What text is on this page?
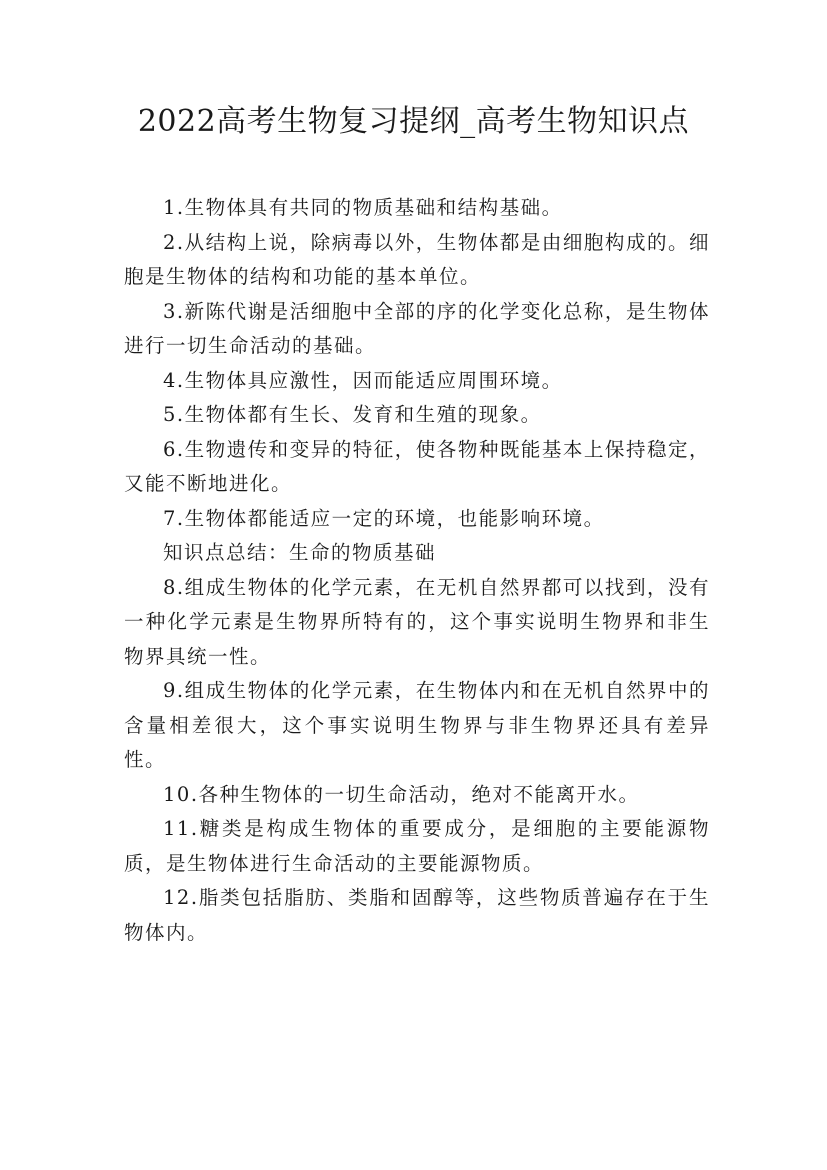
2022高考生物复习提纲_高考生物知识点

1.生物体具有共同的物质基础和结构基础。

2.从结构上说，除病毒以外，生物体都是由细胞构成的。细胞是生物体的结构和功能的基本单位。

3.新陈代谢是活细胞中全部的序的化学变化总称，是生物体进行一切生命活动的基础。

4.生物体具应激性，因而能适应周围环境。

5.生物体都有生长、发育和生殖的现象。

6.生物遗传和变异的特征，使各物种既能基本上保持稳定，又能不断地进化。

7.生物体都能适应一定的环境，也能影响环境。

知识点总结：生命的物质基础

8.组成生物体的化学元素，在无机自然界都可以找到，没有一种化学元素是生物界所特有的，这个事实说明生物界和非生物界具统一性。

9.组成生物体的化学元素，在生物体内和在无机自然界中的含量相差很大，这个事实说明生物界与非生物界还具有差异性。

10.各种生物体的一切生命活动，绝对不能离开水。

11.糖类是构成生物体的重要成分，是细胞的主要能源物质，是生物体进行生命活动的主要能源物质。

12.脂类包括脂肪、类脂和固醇等，这些物质普遍存在于生物体内。
